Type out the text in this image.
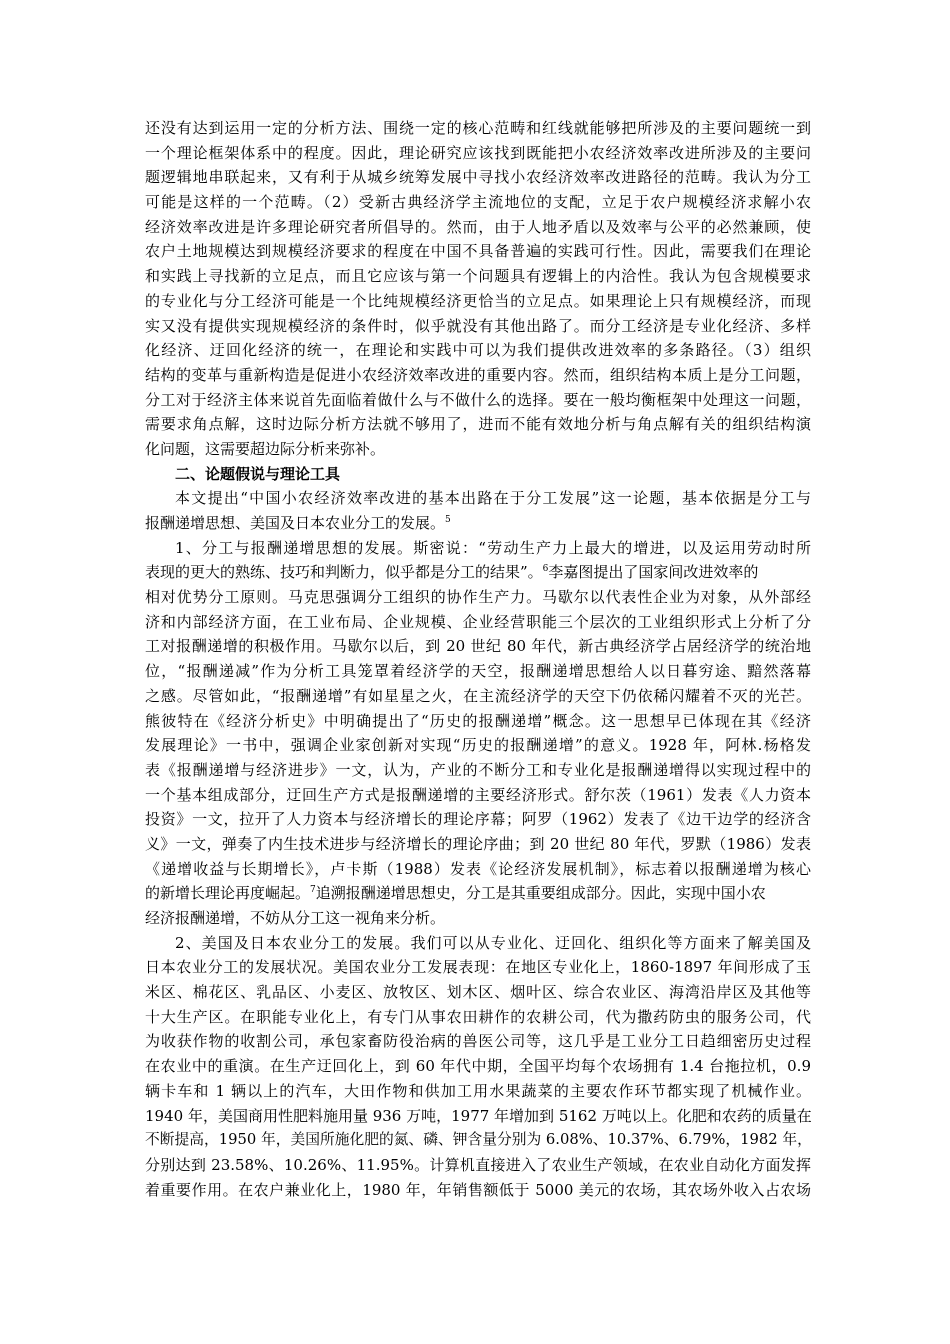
还没有达到运用一定的分析方法、围绕一定的核心范畴和红线就能够把所涉及的主要问题统一到
一个理论框架体系中的程度。因此，理论研究应该找到既能把小农经济效率改进所涉及的主要问
题逻辑地串联起来，又有利于从城乡统筹发展中寻找小农经济效率改进路径的范畴。我认为分工
可能是这样的一个范畴。（2）受新古典经济学主流地位的支配，立足于农户规模经济求解小农
经济效率改进是许多理论研究者所倡导的。然而，由于人地矛盾以及效率与公平的必然兼顾，使
农户土地规模达到规模经济要求的程度在中国不具备普遍的实践可行性。因此，需要我们在理论
和实践上寻找新的立足点，而且它应该与第一个问题具有逻辑上的内洽性。我认为包含规模要求
的专业化与分工经济可能是一个比纯规模经济更恰当的立足点。如果理论上只有规模经济，而现
实又没有提供实现规模经济的条件时，似乎就没有其他出路了。而分工经济是专业化经济、多样
化经济、迂回化经济的统一，在理论和实践中可以为我们提供改进效率的多条路径。（3）组织
结构的变革与重新构造是促进小农经济效率改进的重要内容。然而，组织结构本质上是分工问题，
分工对于经济主体来说首先面临着做什么与不做什么的选择。要在一般均衡框架中处理这一问题，
需要求角点解，这时边际分析方法就不够用了，进而不能有效地分析与角点解有关的组织结构演
化问题，这需要超边际分析来弥补。
二、论题假说与理论工具
本文提出“中国小农经济效率改进的基本出路在于分工发展”这一论题，基本依据是分工与
报酬递增思想、美国及日本农业分工的发展。$^5$
1、分工与报酬递增思想的发展。斯密说：“劳动生产力上最大的增进，以及运用劳动时所
表现的更大的熟练、技巧和判断力，似乎都是分工的结果”。$^6$李嘉图提出了国家间改进效率的
相对优势分工原则。马克思强调分工组织的协作生产力。马歇尔以代表性企业为对象，从外部经
济和内部经济方面，在工业布局、企业规模、企业经营职能三个层次的工业组织形式上分析了分
工对报酬递增的积极作用。马歇尔以后，到 20 世纪 80 年代，新古典经济学占居经济学的统治地
位，“报酬递减”作为分析工具笼罩着经济学的天空，报酬递增思想给人以日暮穷途、黯然落幕
之感。尽管如此，“报酬递增”有如星星之火，在主流经济学的天空下仍依稀闪耀着不灭的光芒。
熊彼特在《经济分析史》中明确提出了“历史的报酬递增”概念。这一思想早已体现在其《经济
发展理论》一书中，强调企业家创新对实现“历史的报酬递增”的意义。1928 年，阿林.杨格发
表《报酬递增与经济进步》一文，认为，产业的不断分工和专业化是报酬递增得以实现过程中的
一个基本组成部分，迂回生产方式是报酬递增的主要经济形式。舒尔茨（1961）发表《人力资本
投资》一文，拉开了人力资本与经济增长的理论序幕；阿罗（1962）发表了《边干边学的经济含
义》一文，弹奏了内生技术进步与经济增长的理论序曲；到 20 世纪 80 年代，罗默（1986）发表
《递增收益与长期增长》，卢卡斯（1988）发表《论经济发展机制》，标志着以报酬递增为核心
的新增长理论再度崛起。$^7$追溯报酬递增思想史，分工是其重要组成部分。因此，实现中国小农
经济报酬递增，不妨从分工这一视角来分析。
2、美国及日本农业分工的发展。我们可以从专业化、迂回化、组织化等方面来了解美国及
日本农业分工的发展状况。美国农业分工发展表现：在地区专业化上，1860-1897 年间形成了玉
米区、棉花区、乳品区、小麦区、放牧区、划木区、烟叶区、综合农业区、海湾沿岸区及其他等
十大生产区。在职能专业化上，有专门从事农田耕作的农耕公司，代为撒药防虫的服务公司，代
为收获作物的收割公司，承包家畜防役治病的兽医公司等，这几乎是工业分工日趋细密历史过程
在农业中的重演。在生产迂回化上，到 60 年代中期，全国平均每个农场拥有 1.4 台拖拉机，0.9
辆卡车和 1 辆以上的汽车，大田作物和供加工用水果蔬菜的主要农作环节都实现了机械作业。
1940 年，美国商用性肥料施用量 936 万吨，1977 年增加到 5162 万吨以上。化肥和农药的质量在
不断提高，1950 年，美国所施化肥的氮、磷、钾含量分别为 6.08%、10.37%、6.79%，1982 年，
分别达到 23.58%、10.26%、11.95%。计算机直接进入了农业生产领域，在农业自动化方面发挥
着重要作用。在农户兼业化上，1980 年，年销售额低于 5000 美元的农场，其农场外收入占农场
